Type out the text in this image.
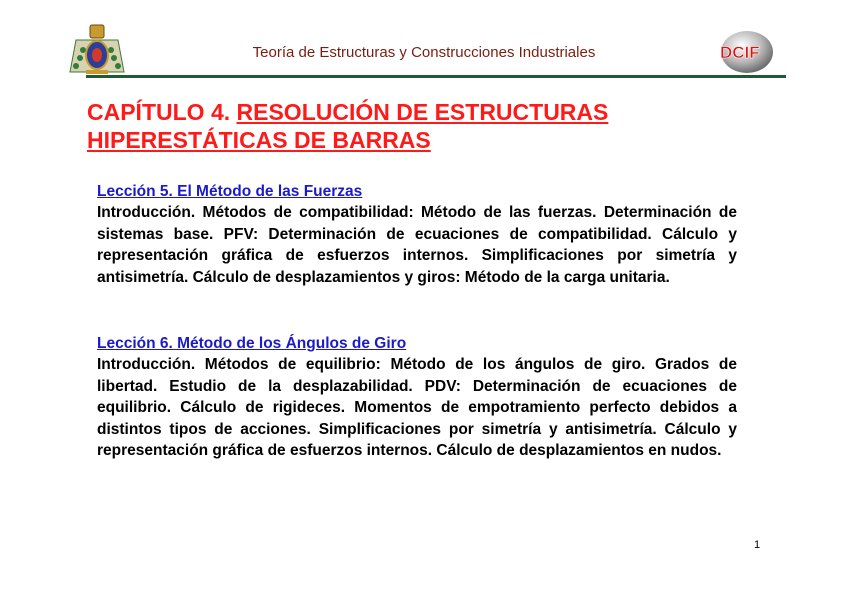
Teoría de Estructuras y Construcciones Industriales	DCIF
CAPÍTULO 4. RESOLUCIÓN DE ESTRUCTURAS
HIPERESTÁTICAS DE BARRAS
Lección 5. El Método de las Fuerzas

Introducción. Métodos de compatibilidad: Método de las fuerzas. Determinación de sistemas base. PFV: Determinación de ecuaciones de compatibilidad. Cálculo y representación gráfica de esfuerzos internos. Simplificaciones por simetría y antisimetría. Cálculo de desplazamientos y giros: Método de la carga unitaria.

Lección 6. Método de los Ángulos de Giro

Introducción. Métodos de equilibrio: Método de los ángulos de giro. Grados de libertad. Estudio de la desplazabilidad. PDV: Determinación de ecuaciones de equilibrio. Cálculo de rigideces. Momentos de empotramiento perfecto debidos a distintos tipos de acciones. Simplificaciones por simetría y antisimetría. Cálculo y representación gráfica de esfuerzos internos. Cálculo de desplazamientos en nudos.

1
